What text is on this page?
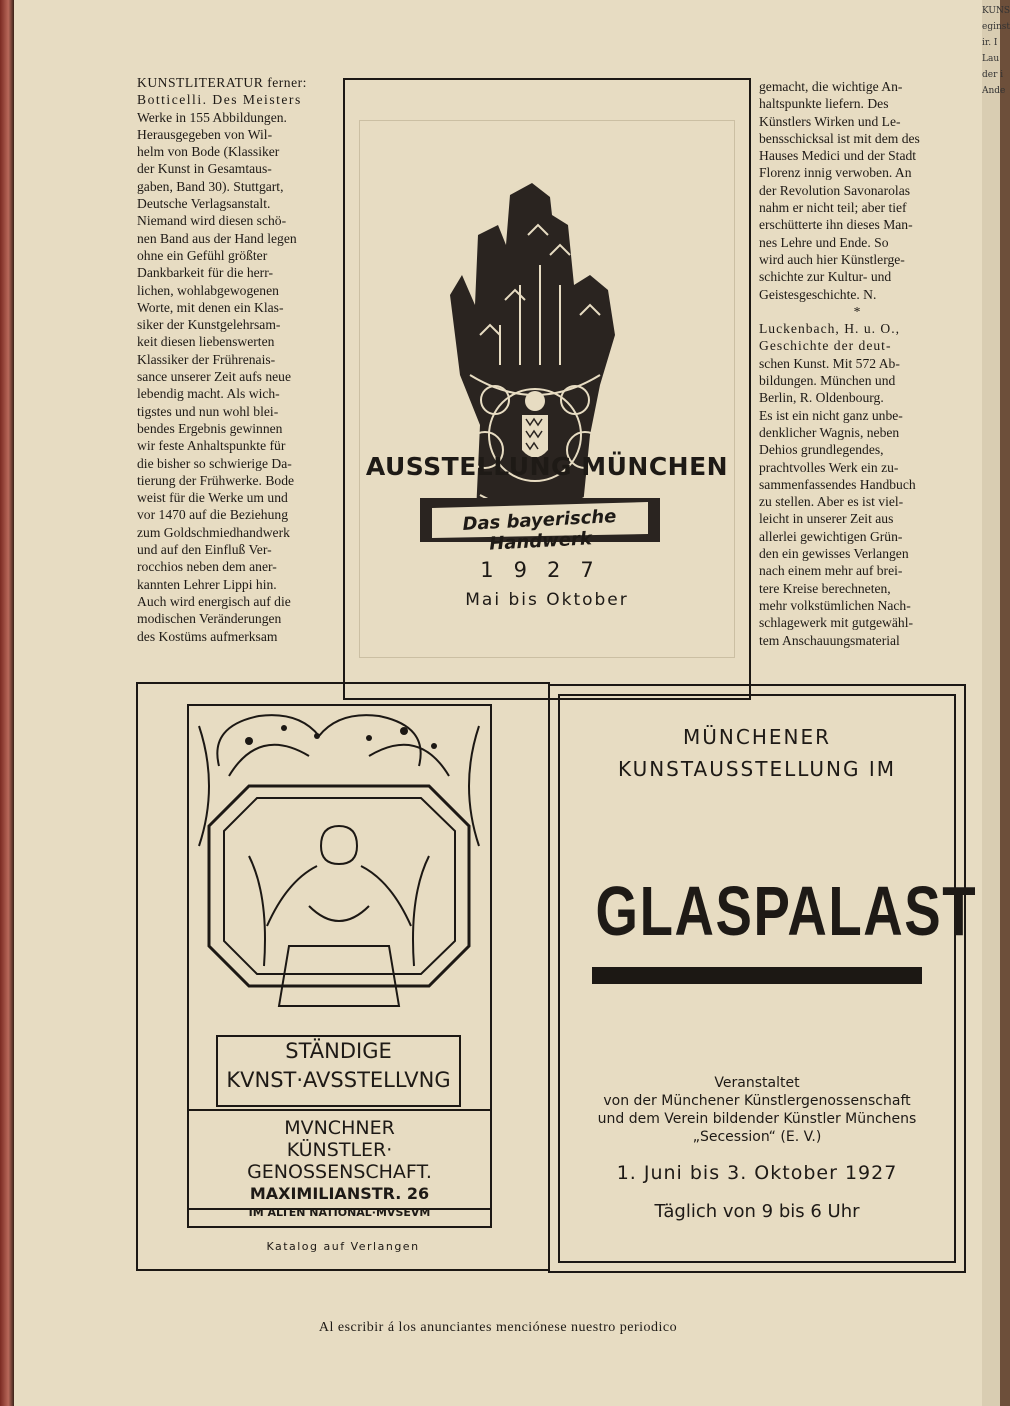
KUNSTLITERATUR ferner:

Botticelli. Des Meisters

Werke in 155 Abbildungen.

Herausgegeben von Wil-

helm von Bode (Klassiker

der Kunst in Gesamtaus-

gaben, Band 30). Stuttgart,

Deutsche Verlagsanstalt.

Niemand wird diesen schö-

nen Band aus der Hand legen

ohne ein Gefühl größter

Dankbarkeit für die herr-

lichen, wohlabgewogenen

Worte, mit denen ein Klas-

siker der Kunstgelehrsam-

keit diesen liebenswerten

Klassiker der Frührenais-

sance unserer Zeit aufs neue

lebendig macht. Als wich-

tigstes und nun wohl blei-

bendes Ergebnis gewinnen

wir feste Anhaltspunkte für

die bisher so schwierige Da-

tierung der Frühwerke. Bode

weist für die Werke um und

vor 1470 auf die Beziehung

zum Goldschmiedhandwerk

und auf den Einfluß Ver-

rocchios neben dem aner-

kannten Lehrer Lippi hin.

Auch wird energisch auf die

modischen Veränderungen

des Kostüms aufmerksam

AUSSTELLUNG MÜNCHEN
Das bayerische Handwerk
1927
Mai bis Oktober

gemacht, die wichtige An-

haltspunkte liefern. Des

Künstlers Wirken und Le-

bensschicksal ist mit dem des

Hauses Medici und der Stadt

Florenz innig verwoben. An

der Revolution Savonarolas

nahm er nicht teil; aber tief

erschütterte ihn dieses Man-

nes Lehre und Ende. So

wird auch hier Künstlerge-

schichte zur Kultur- und

Geistesgeschichte. N.

*

Luckenbach, H. u. O.,

Geschichte der deut-

schen Kunst. Mit 572 Ab-

bildungen. München und

Berlin, R. Oldenbourg.

Es ist ein nicht ganz unbe-

denklicher Wagnis, neben

Dehios grundlegendes,

prachtvolles Werk ein zu-

sammenfassendes Handbuch

zu stellen. Aber es ist viel-

leicht in unserer Zeit aus

allerlei gewichtigen Grün-

den ein gewisses Verlangen

nach einem mehr auf brei-

tere Kreise berechneten,

mehr volkstümlichen Nach-

schlagewerk mit gutgewähl-

tem Anschauungsmaterial

STÄNDIGE
KVNST·AVSSTELLVNG
MVNCHNER
KÜNSTLER·
GENOSSENSCHAFT.
MAXIMILIANSTR. 26
IM ALTEN NATIONAL·MVSEVM
Katalog auf Verlangen
MÜNCHENER
KUNSTAUSSTELLUNG IM
GLASPALAST
Veranstaltet
von der Münchener Künstlergenossenschaft
und dem Verein bildender Künstler Münchens
„Secession“ (E. V.)
1. Juni bis 3. Oktober 1927
Täglich von 9 bis 6 Uhr
Al escribir á los anunciantes menciónese nuestro periodico
KUNS
eginst
ir. I
Lau
der i
Ande
